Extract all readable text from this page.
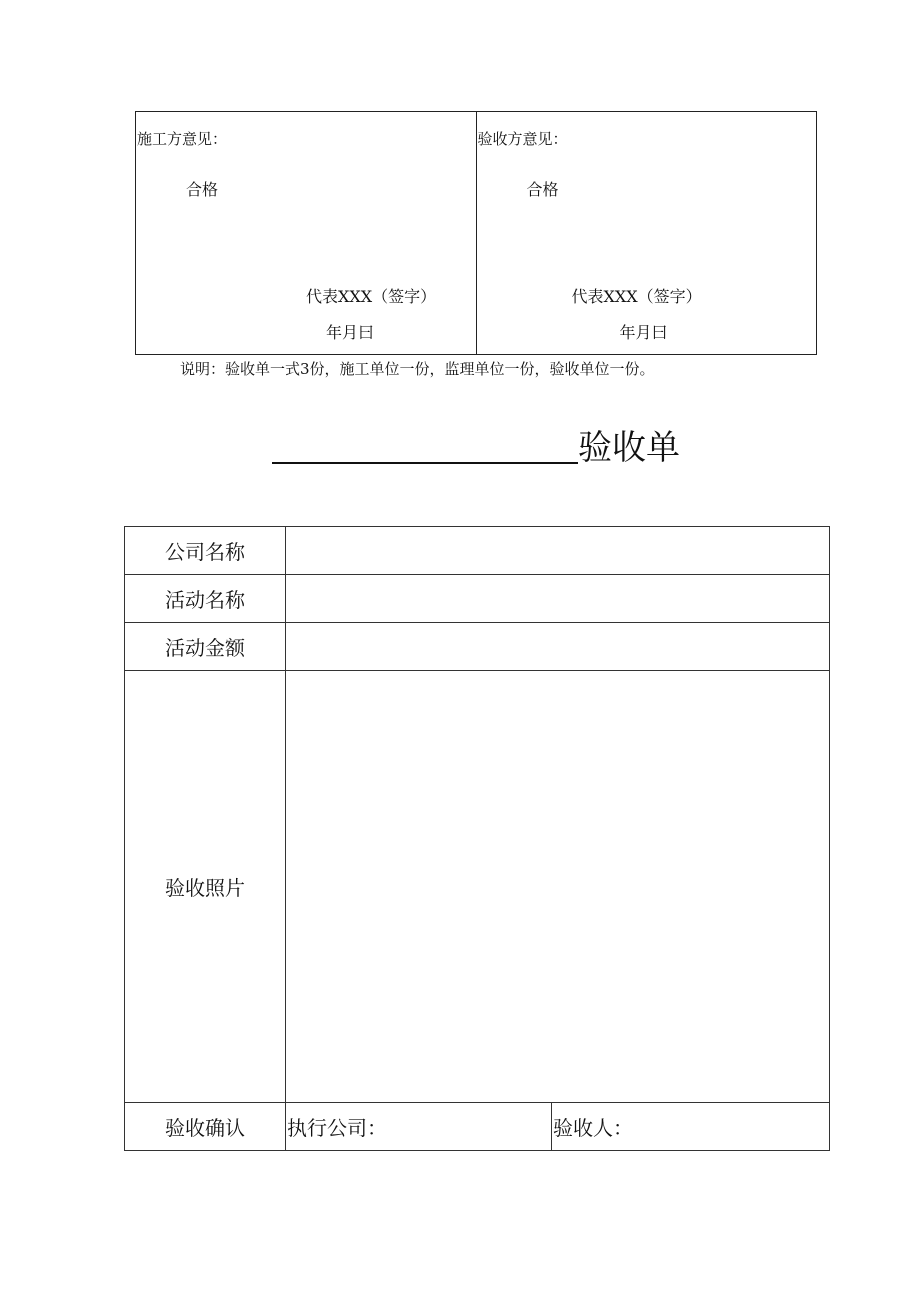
施工方意见：
合格
代表XXX（签字）
年月曰
验收方意见：
合格
代表XXX（签字）
年月曰
说明：验收单一式3份，施工单位一份，监理单位一份，验收单位一份。
验收单
公司名称		
活动名称		
活动金额		
验收照片		
验收确认	执行公司：	验收人：
